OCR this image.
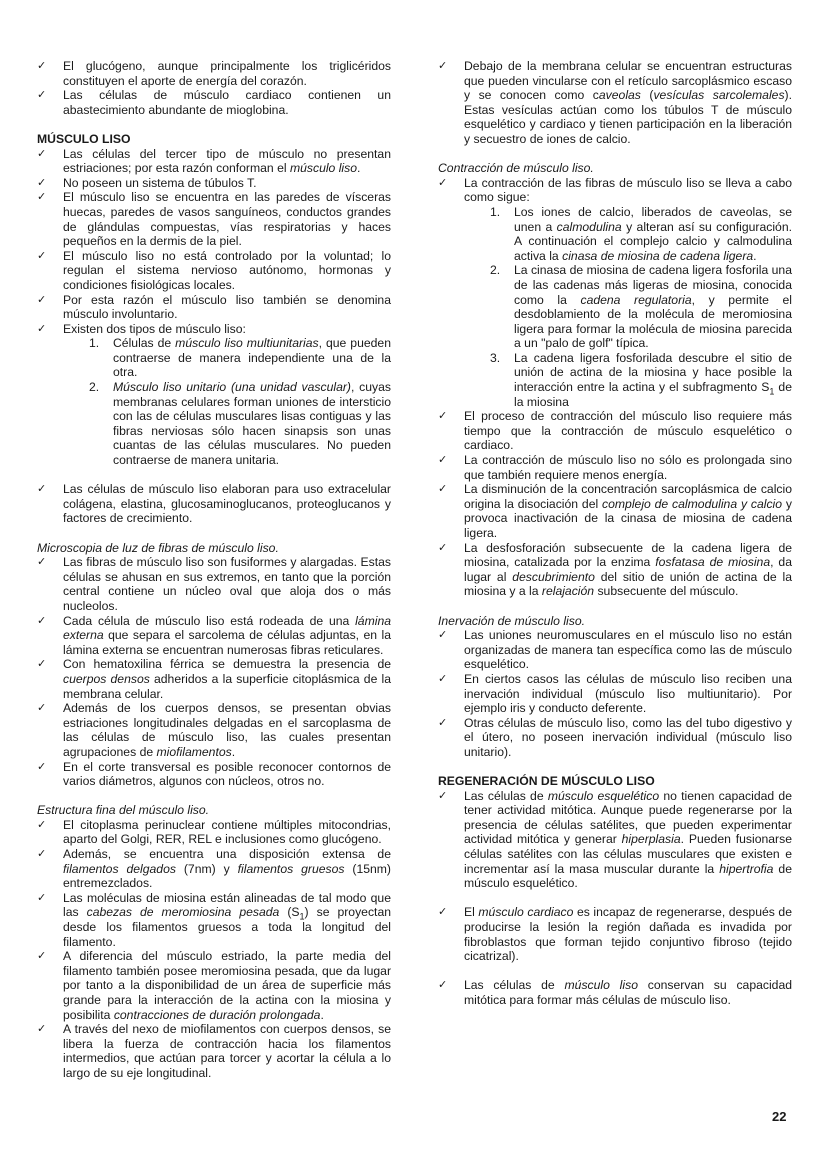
✓ El glucógeno, aunque principalmente los triglicéridos constituyen el aporte de energía del corazón.
✓ Las células de músculo cardiaco contienen un abastecimiento abundante de mioglobina.
MÚSCULO LISO
✓ Las células del tercer tipo de músculo no presentan estriaciones; por esta razón conforman el músculo liso.
✓ No poseen un sistema de túbulos T.
✓ El músculo liso se encuentra en las paredes de vísceras huecas, paredes de vasos sanguíneos, conductos grandes de glándulas compuestas, vías respiratorias y haces pequeños en la dermis de la piel.
✓ El músculo liso no está controlado por la voluntad; lo regulan el sistema nervioso autónomo, hormonas y condiciones fisiológicas locales.
✓ Por esta razón el músculo liso también se denomina músculo involuntario.
✓ Existen dos tipos de músculo liso:
1. Células de músculo liso multiunitarias, que pueden contraerse de manera independiente una de la otra.
2. Músculo liso unitario (una unidad vascular), cuyas membranas celulares forman uniones de intersticio con las de células musculares lisas contiguas y las fibras nerviosas sólo hacen sinapsis son unas cuantas de las células musculares. No pueden contraerse de manera unitaria.
✓ Las células de músculo liso elaboran para uso extracelular colágena, elastina, glucosaminoglucanos, proteoglucanos y factores de crecimiento.
Microscopia de luz de fibras de músculo liso.
✓ Las fibras de músculo liso son fusiformes y alargadas. Estas células se ahusan en sus extremos, en tanto que la porción central contiene un núcleo oval que aloja dos o más nucleolos.
✓ Cada célula de músculo liso está rodeada de una lámina externa que separa el sarcolema de células adjuntas, en la lámina externa se encuentran numerosas fibras reticulares.
✓ Con hematoxilina férrica se demuestra la presencia de cuerpos densos adheridos a la superficie citoplásmica de la membrana celular.
✓ Además de los cuerpos densos, se presentan obvias estriaciones longitudinales delgadas en el sarcoplasma de las células de músculo liso, las cuales presentan agrupaciones de miofilamentos.
✓ En el corte transversal es posible reconocer contornos de varios diámetros, algunos con núcleos, otros no.
Estructura fina del músculo liso.
✓ El citoplasma perinuclear contiene múltiples mitocondrias, aparto del Golgi, RER, REL e inclusiones como glucógeno.
✓ Además, se encuentra una disposición extensa de filamentos delgados (7nm) y filamentos gruesos (15nm) entremezclados.
✓ Las moléculas de miosina están alineadas de tal modo que las cabezas de meromiosina pesada $(S_1)$ se proyectan desde los filamentos gruesos a toda la longitud del filamento.
✓ A diferencia del músculo estriado, la parte media del filamento también posee meromiosina pesada, que da lugar por tanto a la disponibilidad de un área de superficie más grande para la interacción de la actina con la miosina y posibilita contracciones de duración prolongada.
✓ A través del nexo de miofilamentos con cuerpos densos, se libera la fuerza de contracción hacia los filamentos intermedios, que actúan para torcer y acortar la célula a lo largo de su eje longitudinal.
✓ Debajo de la membrana celular se encuentran estructuras que pueden vincularse con el retículo sarcoplásmico escaso y se conocen como caveolas (vesículas sarcolemales). Estas vesículas actúan como los túbulos T de músculo esquelético y cardiaco y tienen participación en la liberación y secuestro de iones de calcio.
Contracción de músculo liso.
✓ La contracción de las fibras de músculo liso se lleva a cabo como sigue:
1. Los iones de calcio, liberados de caveolas, se unen a calmodulina y alteran así su configuración. A continuación el complejo calcio y calmodulina activa la cinasa de miosina de cadena ligera.
2. La cinasa de miosina de cadena ligera fosforila una de las cadenas más ligeras de miosina, conocida como la cadena regulatoria, y permite el desdoblamiento de la molécula de meromiosina ligera para formar la molécula de miosina parecida a un "palo de golf" típica.
3. La cadena ligera fosforilada descubre el sitio de unión de actina de la miosina y hace posible la interacción entre la actina y el subfragmento $S_1$ de la miosina
✓ El proceso de contracción del músculo liso requiere más tiempo que la contracción de músculo esquelético o cardiaco.
✓ La contracción de músculo liso no sólo es prolongada sino que también requiere menos energía.
✓ La disminución de la concentración sarcoplásmica de calcio origina la disociación del complejo de calmodulina y calcio y provoca inactivación de la cinasa de miosina de cadena ligera.
✓ La desfosforación subsecuente de la cadena ligera de miosina, catalizada por la enzima fosfatasa de miosina, da lugar al descubrimiento del sitio de unión de actina de la miosina y a la relajación subsecuente del músculo.
Inervación de músculo liso.
✓ Las uniones neuromusculares en el músculo liso no están organizadas de manera tan específica como las de músculo esquelético.
✓ En ciertos casos las células de músculo liso reciben una inervación individual (músculo liso multiunitario). Por ejemplo iris y conducto deferente.
✓ Otras células de músculo liso, como las del tubo digestivo y el útero, no poseen inervación individual (músculo liso unitario).
REGENERACIÓN DE MÚSCULO LISO
✓ Las células de músculo esquelético no tienen capacidad de tener actividad mitótica. Aunque puede regenerarse por la presencia de células satélites, que pueden experimentar actividad mitótica y generar hiperplasia. Pueden fusionarse células satélites con las células musculares que existen e incrementar así la masa muscular durante la hipertrofia de músculo esquelético.
✓ El músculo cardiaco es incapaz de regenerarse, después de producirse la lesión la región dañada es invadida por fibroblastos que forman tejido conjuntivo fibroso (tejido cicatrizal).
✓ Las células de músculo liso conservan su capacidad mitótica para formar más células de músculo liso.
22
